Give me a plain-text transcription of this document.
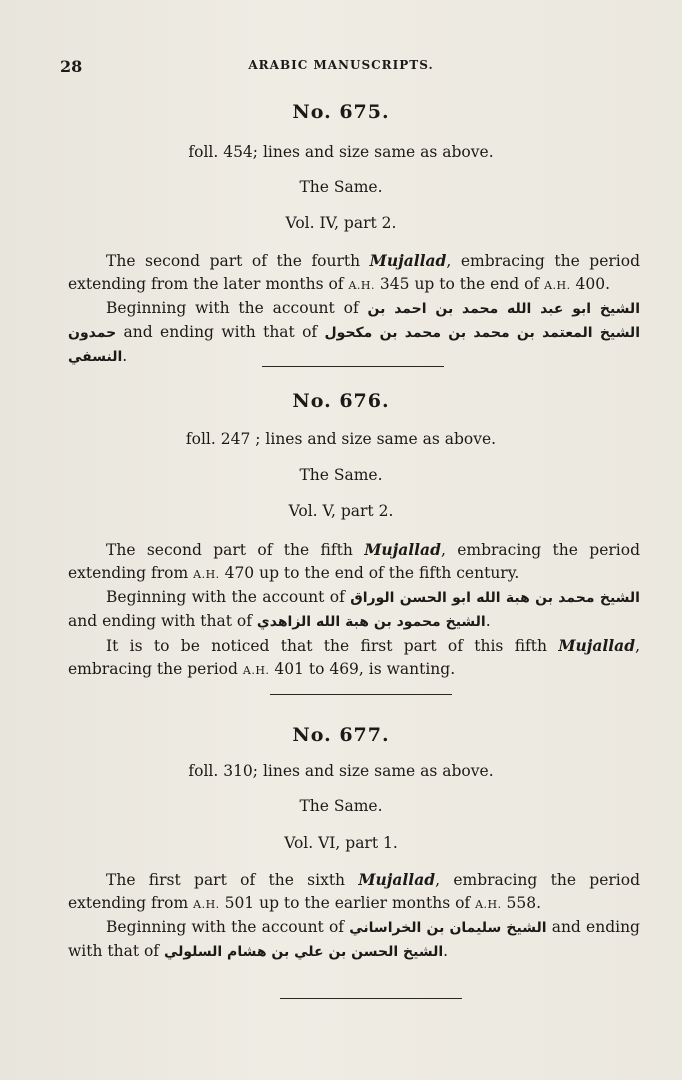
28	ARABIC MANUSCRIPTS.
No. 675.
foll. 454; lines and size same as above.
The Same.
Vol. IV, part 2.

The second part of the fourth Mujallad, embracing the period extending from the later months of A.H. 345 up to the end of A.H. 400.

Beginning with the account of الشيخ ابو عبد الله محمد بن احمد بن حمدون and ending with that of الشيخ المعتمد بن محمد بن محمد بن مكحول النسفي.

No. 676.
foll. 247 ; lines and size same as above.
The Same.
Vol. V, part 2.

The second part of the fifth Mujallad, embracing the period extending from A.H. 470 up to the end of the fifth century.

Beginning with the account of الشيخ محمد بن هبة الله ابو الحسن الوراق and ending with that of الشيخ محمود بن هبة الله الزاهدي.

It is to be noticed that the first part of this fifth Mujallad, embracing the period A.H. 401 to 469, is wanting.

No. 677.
foll. 310; lines and size same as above.
The Same.
Vol. VI, part 1.

The first part of the sixth Mujallad, embracing the period extending from A.H. 501 up to the earlier months of A.H. 558.

Beginning with the account of الشيخ سليمان بن الخراساني and ending with that of الشيخ الحسن بن علي بن هشام السلولي.
